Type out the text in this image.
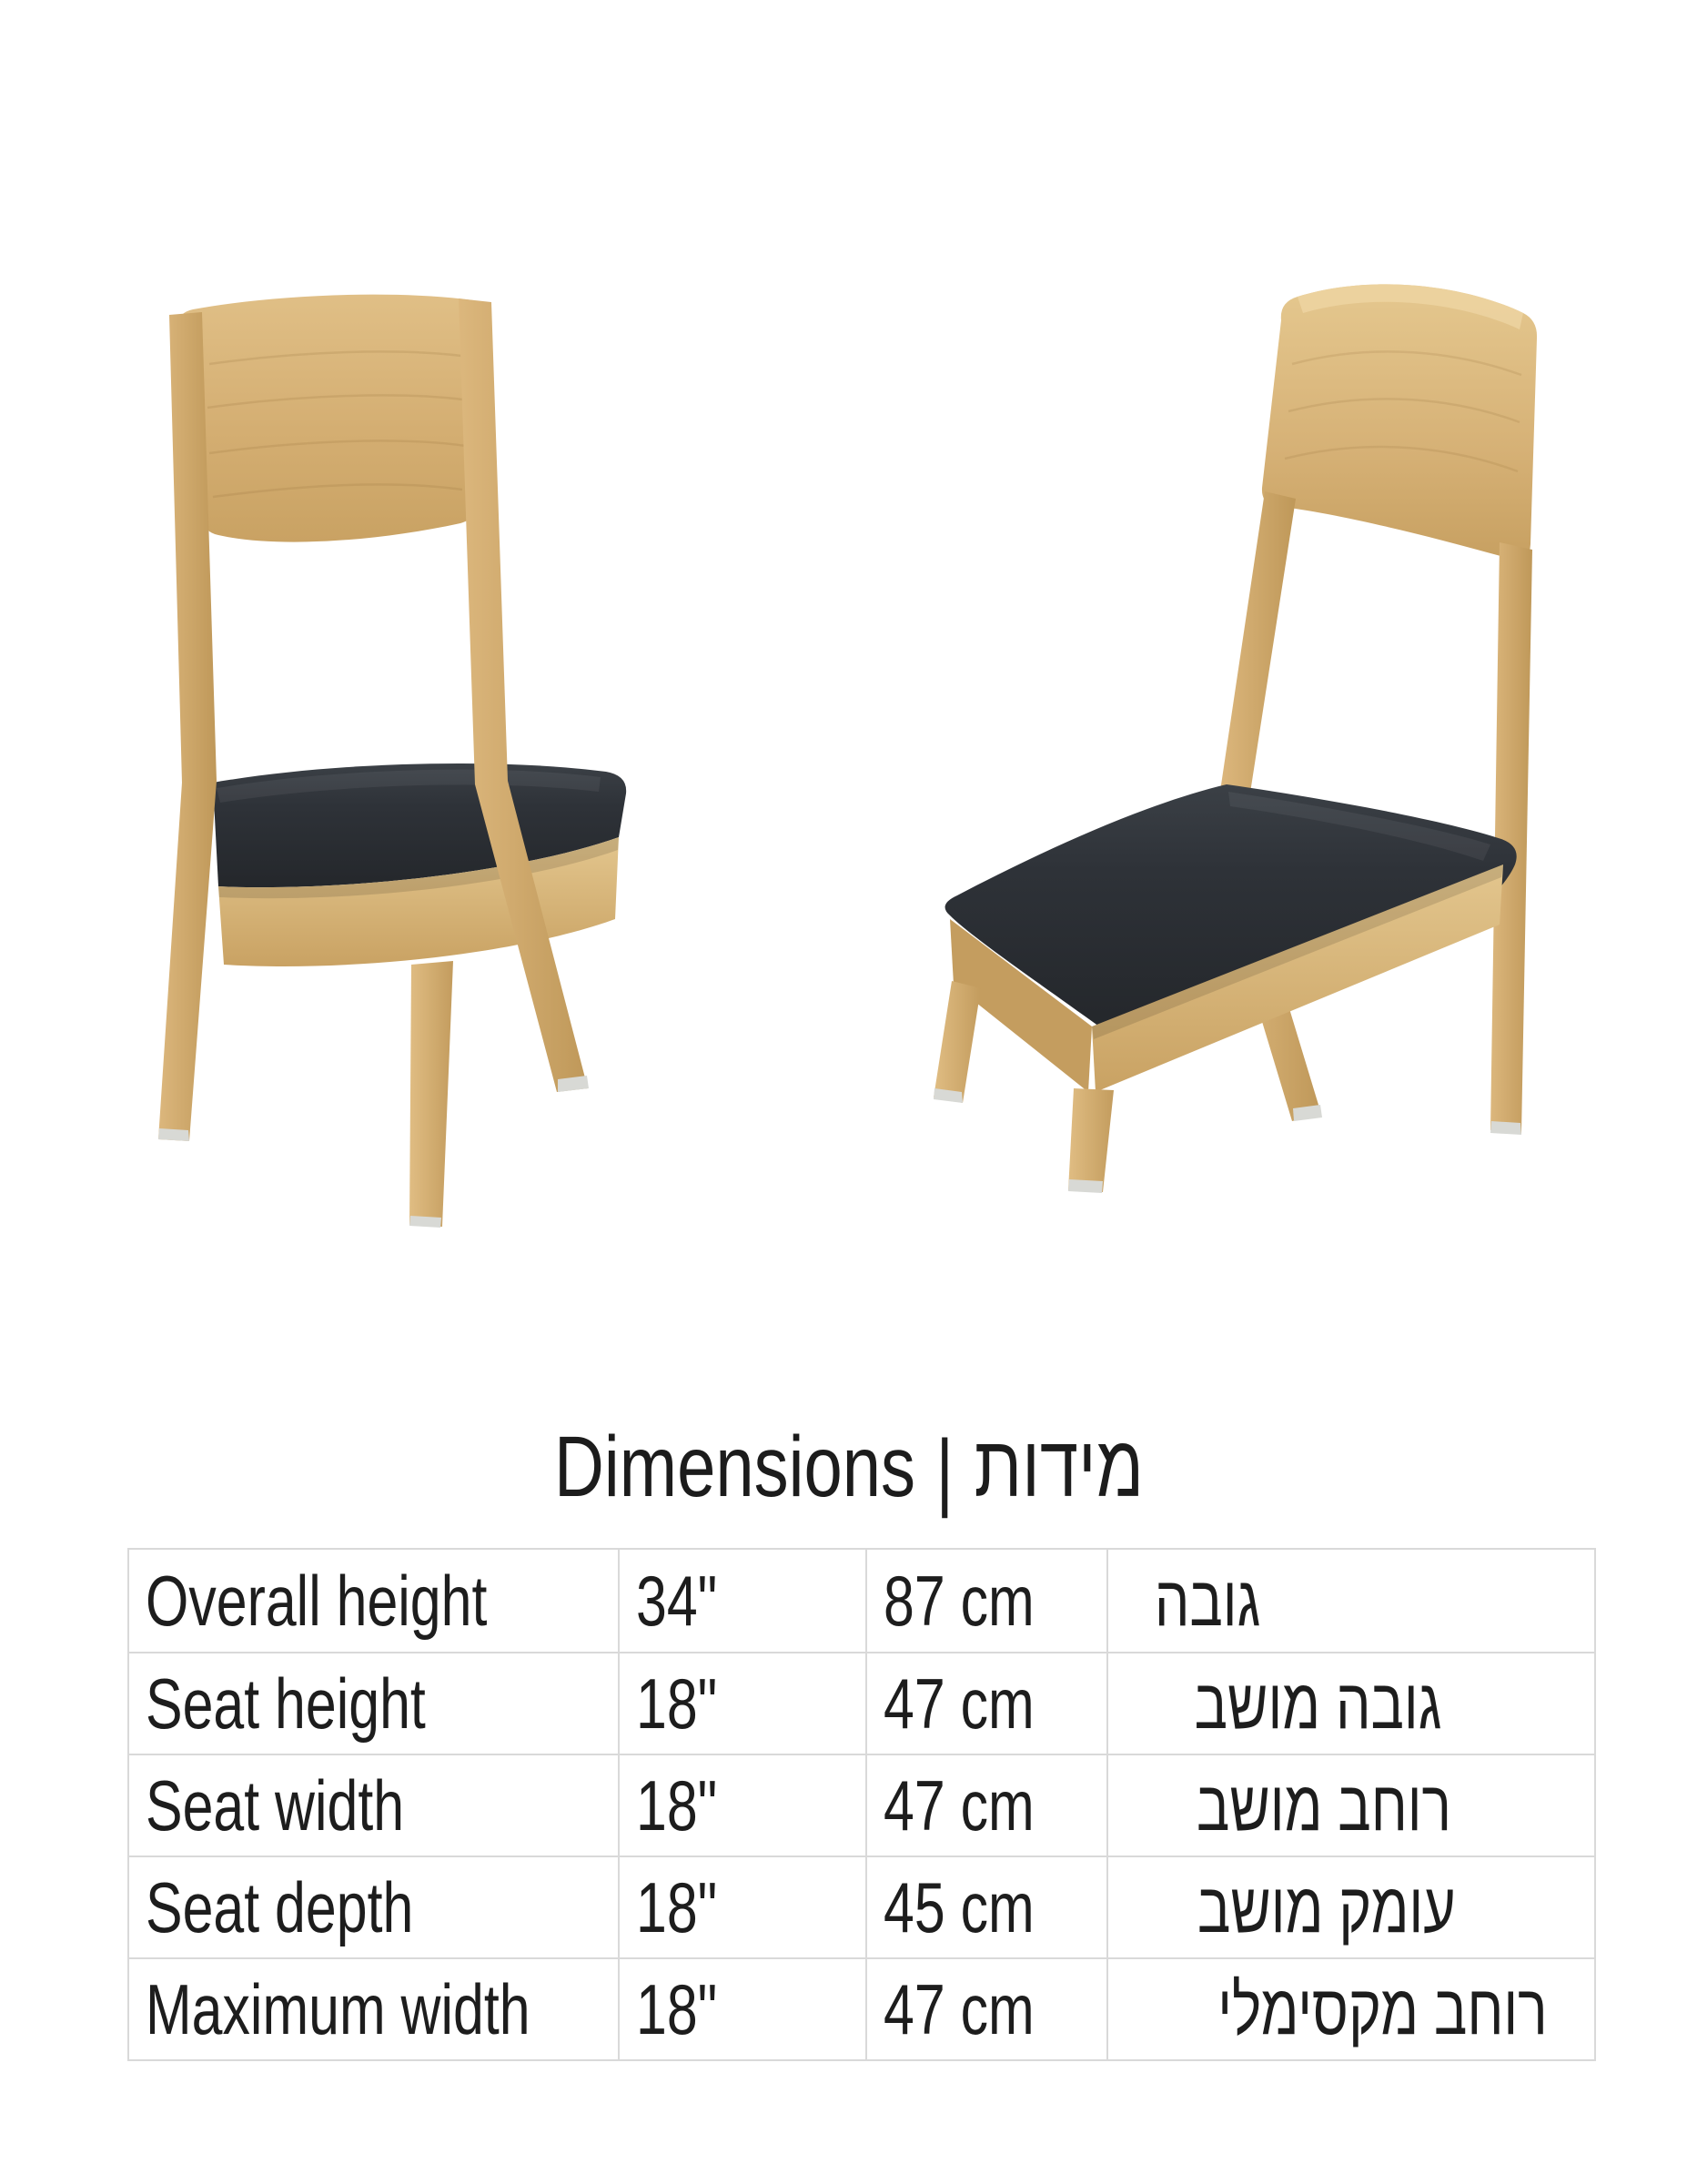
Dimensions | מידות
Overall height 34" 87 cm גובה
Seat height	18" 47 cm גובה מושב
Seat width	18" 47 cm רוחב מושב
Seat depth	18" 45 cm עומק מושב
Maximum width 18" 47 cm	רוחב מקסימלי
